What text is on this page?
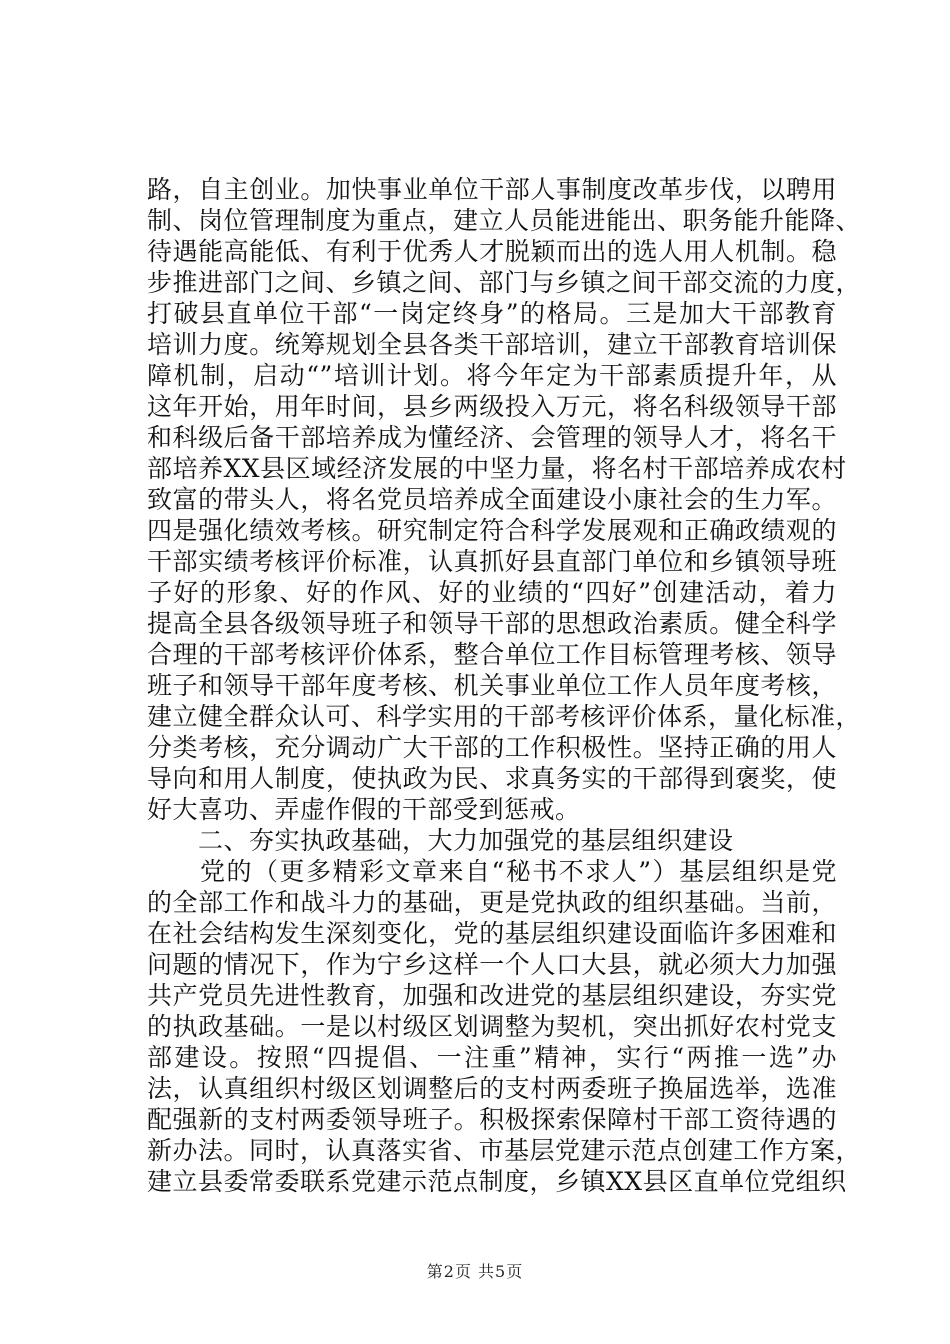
路，自主创业。加快事业单位干部人事制度改革步伐，以聘用
制、岗位管理制度为重点，建立人员能进能出、职务能升能降、
待遇能高能低、有利于优秀人才脱颖而出的选人用人机制。稳
步推进部门之间、乡镇之间、部门与乡镇之间干部交流的力度，
打破县直单位干部“一岗定终身”的格局。三是加大干部教育
培训力度。统筹规划全县各类干部培训，建立干部教育培训保
障机制，启动“”培训计划。将今年定为干部素质提升年，从
这年开始，用年时间，县乡两级投入万元，将名科级领导干部
和科级后备干部培养成为懂经济、会管理的领导人才，将名干
部培养XX县区域经济发展的中坚力量，将名村干部培养成农村
致富的带头人，将名党员培养成全面建设小康社会的生力军。
四是强化绩效考核。研究制定符合科学发展观和正确政绩观的
干部实绩考核评价标准，认真抓好县直部门单位和乡镇领导班
子好的形象、好的作风、好的业绩的“四好”创建活动，着力
提高全县各级领导班子和领导干部的思想政治素质。健全科学
合理的干部考核评价体系，整合单位工作目标管理考核、领导
班子和领导干部年度考核、机关事业单位工作人员年度考核，
建立健全群众认可、科学实用的干部考核评价体系，量化标准，
分类考核，充分调动广大干部的工作积极性。坚持正确的用人
导向和用人制度，使执政为民、求真务实的干部得到褒奖，使
好大喜功、弄虚作假的干部受到惩戒。
　　二、夯实执政基础，大力加强党的基层组织建设
　　党的（更多精彩文章来自“秘书不求人”）基层组织是党
的全部工作和战斗力的基础，更是党执政的组织基础。当前，
在社会结构发生深刻变化，党的基层组织建设面临许多困难和
问题的情况下，作为宁乡这样一个人口大县，就必须大力加强
共产党员先进性教育，加强和改进党的基层组织建设，夯实党
的执政基础。一是以村级区划调整为契机，突出抓好农村党支
部建设。按照“四提倡、一注重”精神，实行“两推一选”办
法，认真组织村级区划调整后的支村两委班子换届选举，选准
配强新的支村两委领导班子。积极探索保障村干部工资待遇的
新办法。同时，认真落实省、市基层党建示范点创建工作方案，
建立县委常委联系党建示范点制度，乡镇XX县区直单位党组织
第2页 共5页
